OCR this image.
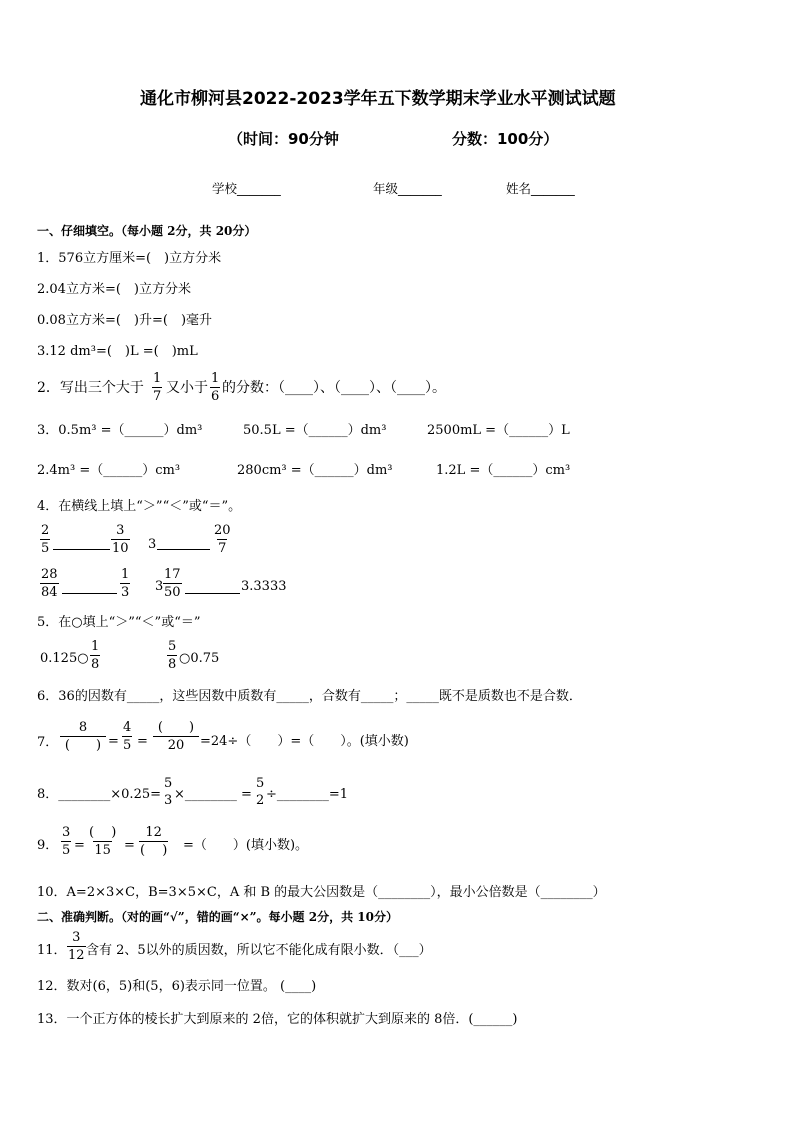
通化市柳河县2022-2023学年五下数学期末学业水平测试试题
（时间：90分钟	分数：100分）
学校_______	年级_______	姓名_______
一、仔细填空。（每小题 2分，共 20分）
1．576立方厘米=(　)立方分米
2.04立方米=(　)立方分米
0.08立方米=(　)升=(　)毫升
3.12 dm³=(　)L =(　)mL
2．写出三个大于 $\frac{1}{7}$ 又小于 $\frac{1}{6}$ 的分数：（____）、（____）、（____）。
3．0.5m³ =（______）dm³	50.5L =（______）dm³	2500mL =（______）L
2.4m³ =（______）cm³	280cm³ =（______）dm³	1.2L =（______）cm³
4．在横线上填上“＞”“＜”或“＝”。
$\frac{2}{5}$	$\frac{3}{10} 3$	$\frac{20}{7}$
$\frac{28}{84}$	$\frac{1}{3} 3 \frac{17}{50}$	3.3333
5．在○填上“＞”“＜”或“＝”
0.125○ $\frac{1}{8}$	$\frac{5}{8}$ ○0.75
6．36的因数有_____，这些因数中质数有_____，合数有_____；_____既不是质数也不是合数．
7．
8
(　　) = $\frac{4}{5}$ =
(　　)
20	=24÷（　　）=（　　）。(填小数)
8．________×0.25=
5
3 ×________ =
5
2 ÷________=1
9． $\frac{3}{5}$ =
(　 )
15 =
12
(　 ) =（　　）(填小数)。
10．A=2×3×C，B=3×5×C，A 和 B 的最大公因数是（________），最小公倍数是（________）
二、准确判断。（对的画“√”，错的画“×”。每小题 2分，共 10分）
11． $\frac{3}{12}$ 含有 2、5以外的质因数，所以它不能化成有限小数．（___）
12．数对(6，5)和(5，6)表示同一位置。 (____)
13．一个正方体的棱长扩大到原来的 2倍，它的体积就扩大到原来的 8倍．(______)
